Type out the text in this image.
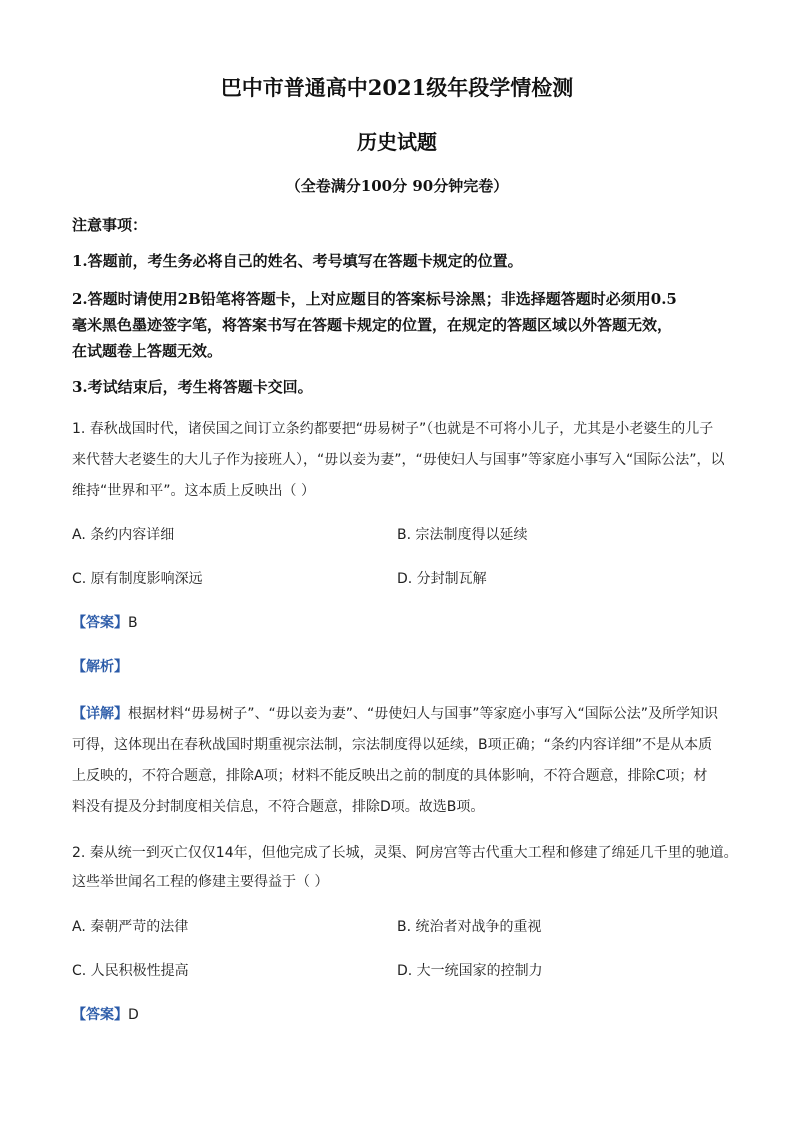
巴中市普通高中2021级年段学情检测
历史试题
（全卷满分100分 90分钟完卷）
注意事项：
1.答题前，考生务必将自己的姓名、考号填写在答题卡规定的位置。
2.答题时请使用2B铅笔将答题卡，上对应题目的答案标号涂黑；非选择题答题时必须用0.5
毫米黑色墨迹签字笔，将答案书写在答题卡规定的位置，在规定的答题区域以外答题无效，
在试题卷上答题无效。
3.考试结束后，考生将答题卡交回。
1. 春秋战国时代，诸侯国之间订立条约都要把“毋易树子”（也就是不可将小儿子，尤其是小老婆生的儿子
来代替大老婆生的大儿子作为接班人），“毋以妾为妻”，“毋使妇人与国事”等家庭小事写入“国际公法”，以
维持“世界和平”。这本质上反映出（ ）
A. 条约内容详细	B. 宗法制度得以延续
C. 原有制度影响深远	D. 分封制瓦解
【答案】B
【解析】
【详解】根据材料“毋易树子”、“毋以妾为妻”、“毋使妇人与国事”等家庭小事写入“国际公法”及所学知识
可得，这体现出在春秋战国时期重视宗法制，宗法制度得以延续，B项正确；“条约内容详细”不是从本质
上反映的，不符合题意，排除A项；材料不能反映出之前的制度的具体影响，不符合题意，排除C项；材
料没有提及分封制度相关信息，不符合题意，排除D项。故选B项。
2. 秦从统一到灭亡仅仅14年，但他完成了长城，灵渠、阿房宫等古代重大工程和修建了绵延几千里的驰道。
这些举世闻名工程的修建主要得益于（ ）
A. 秦朝严苛的法律	B. 统治者对战争的重视
C. 人民积极性提高	D. 大一统国家的控制力
【答案】D
